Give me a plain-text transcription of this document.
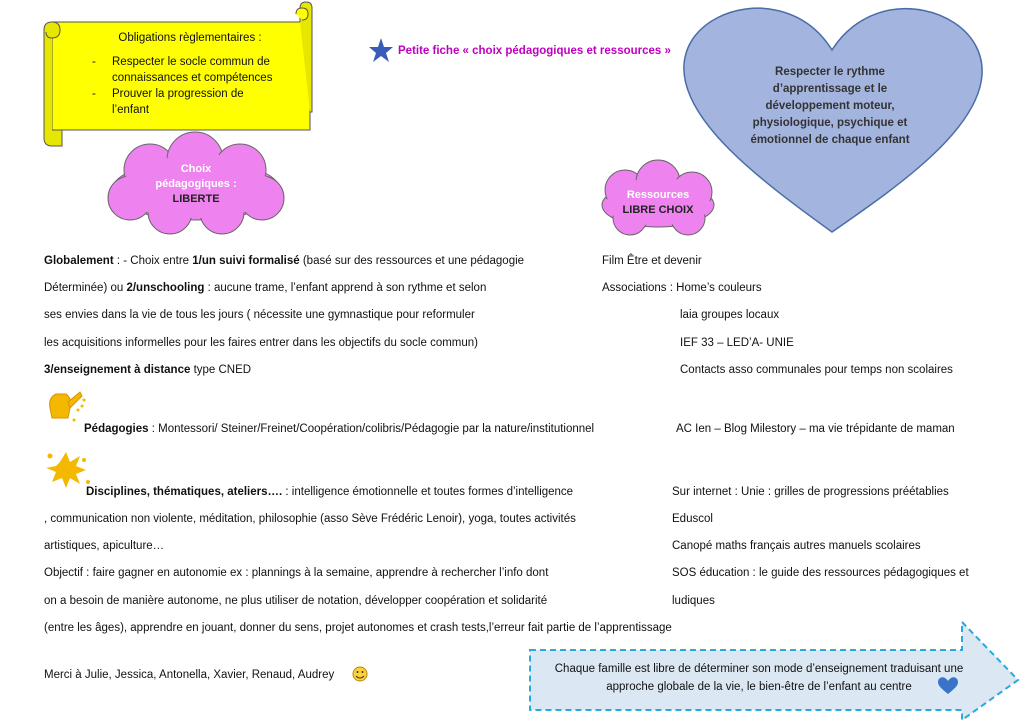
Obligations règlementaires :
- Respecter le socle commun de
connaissances et compétences
- Prouver la progression de
l’enfant
Petite fiche « choix pédagogiques et ressources »
Respecter le rythme d’apprentissage et le développement moteur, physiologique, psychique et émotionnel de chaque enfant
Choix
pédagogiques :
LIBERTE	Ressources
LIBRE CHOIX
Globalement : - Choix entre 1/un suivi formalisé (basé sur des ressources et une pédagogie
Déterminée) ou 2/unschooling : aucune trame, l’enfant apprend à son rythme et selon
ses envies dans la vie de tous les jours ( nécessite une gymnastique pour reformuler
les acquisitions informelles pour les faires entrer dans les objectifs du socle commun)
3/enseignement à distance type CNED
Pédagogies : Montessori/ Steiner/Freinet/Coopération/colibris/Pédagogie par la nature/institutionnel
Disciplines, thématiques, ateliers…. : intelligence émotionnelle et toutes formes d’intelligence
, communication non violente, méditation, philosophie (asso Sève Frédéric Lenoir), yoga, toutes activités
artistiques, apiculture…
Objectif : faire gagner en autonomie ex : plannings à la semaine, apprendre à rechercher l’info dont
on a besoin de manière autonome, ne plus utiliser de notation, développer coopération et solidarité
(entre les âges), apprendre en jouant, donner du sens, projet autonomes et crash tests,l’erreur fait partie de l’apprentissage
Merci à Julie, Jessica, Antonella, Xavier, Renaud, Audrey
Film Être et devenir
Associations : Home’s couleurs
laia groupes locaux
IEF 33 – LED’A- UNIE
Contacts asso communales pour temps non scolaires
AC Ien – Blog Milestory – ma vie trépidante de maman
Sur internet : Unie : grilles de progressions préétablies
Eduscol
Canopé maths français autres manuels scolaires
SOS éducation : le guide des ressources pédagogiques et
ludiques
Chaque famille est libre de déterminer son mode d’enseignement traduisant une
approche globale de la vie, le bien-être de l’enfant au centre
